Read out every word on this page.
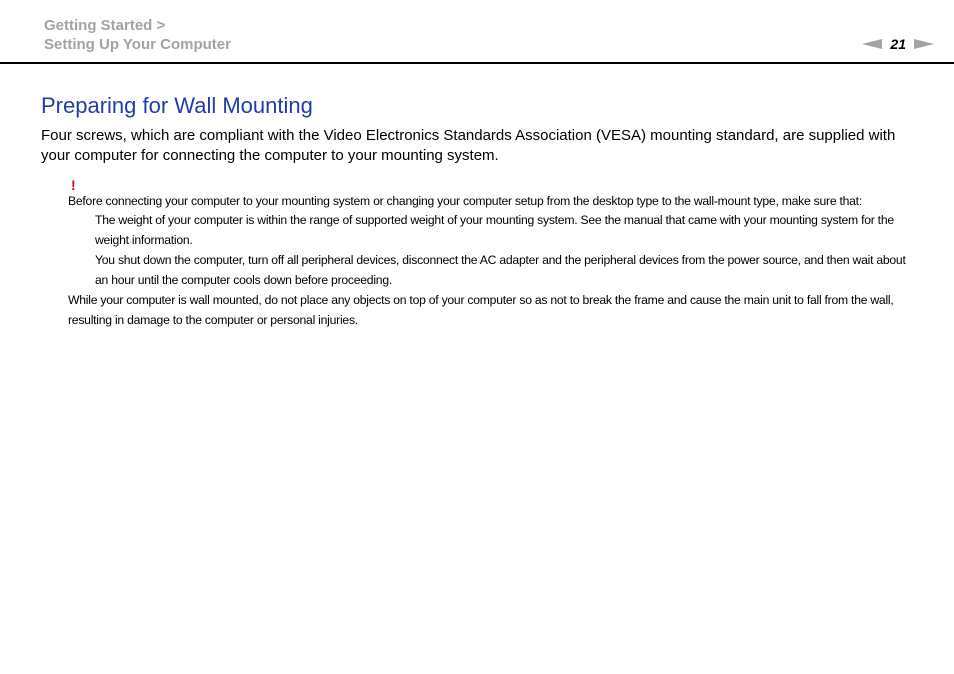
Getting Started >
Setting Up Your Computer	21
Preparing for Wall Mounting

Four screws, which are compliant with the Video Electronics Standards Association (VESA) mounting standard, are supplied with your computer for connecting the computer to your mounting system.

!

Before connecting your computer to your mounting system or changing your computer setup from the desktop type to the wall-mount type, make sure that:

The weight of your computer is within the range of supported weight of your mounting system. See the manual that came with your mounting system for the weight information.

You shut down the computer, turn off all peripheral devices, disconnect the AC adapter and the peripheral devices from the power source, and then wait about an hour until the computer cools down before proceeding.

While your computer is wall mounted, do not place any objects on top of your computer so as not to break the frame and cause the main unit to fall from the wall, resulting in damage to the computer or personal injuries.
